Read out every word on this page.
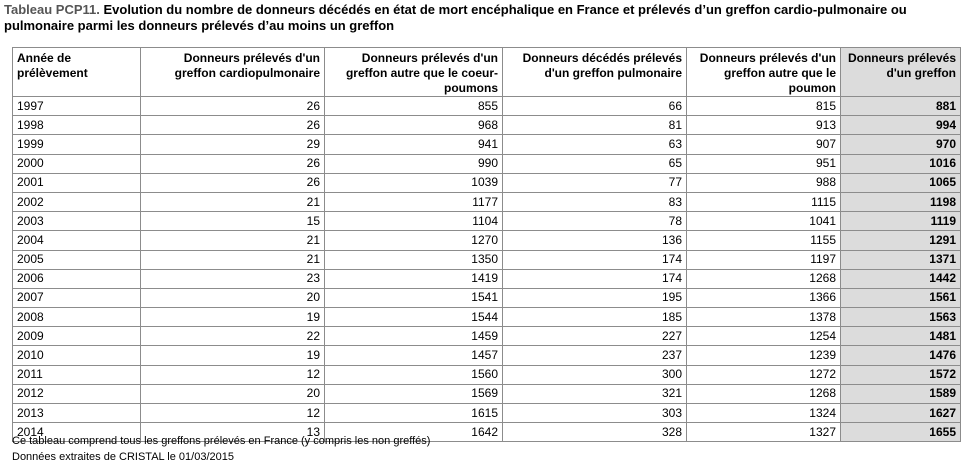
Tableau PCP11. Evolution du nombre de donneurs décédés en état de mort encéphalique en France et prélevés d’un greffon cardio-pulmonaire ou pulmonaire parmi les donneurs prélevés d’au moins un greffon
Année de prélèvement	Donneurs prélevés d'un greffon cardiopulmonaire	Donneurs prélevés d'un greffon autre que le coeur-poumons	Donneurs décédés prélevés d'un greffon pulmonaire	Donneurs prélevés d'un greffon autre que le poumon	Donneurs prélevés d'un greffon
1997	26	855	66	815	881
1998	26	968	81	913	994
1999	29	941	63	907	970
2000	26	990	65	951	1016
2001	26	1039	77	988	1065
2002	21	1177	83	1115	1198
2003	15	1104	78	1041	1119
2004	21	1270	136	1155	1291
2005	21	1350	174	1197	1371
2006	23	1419	174	1268	1442
2007	20	1541	195	1366	1561
2008	19	1544	185	1378	1563
2009	22	1459	227	1254	1481
2010	19	1457	237	1239	1476
2011	12	1560	300	1272	1572
2012	20	1569	321	1268	1589
2013	12	1615	303	1324	1627
2014	13	1642	328	1327	1655
Ce tableau comprend tous les greffons prélevés en France (y compris les non greffés)
Données extraites de CRISTAL le 01/03/2015
